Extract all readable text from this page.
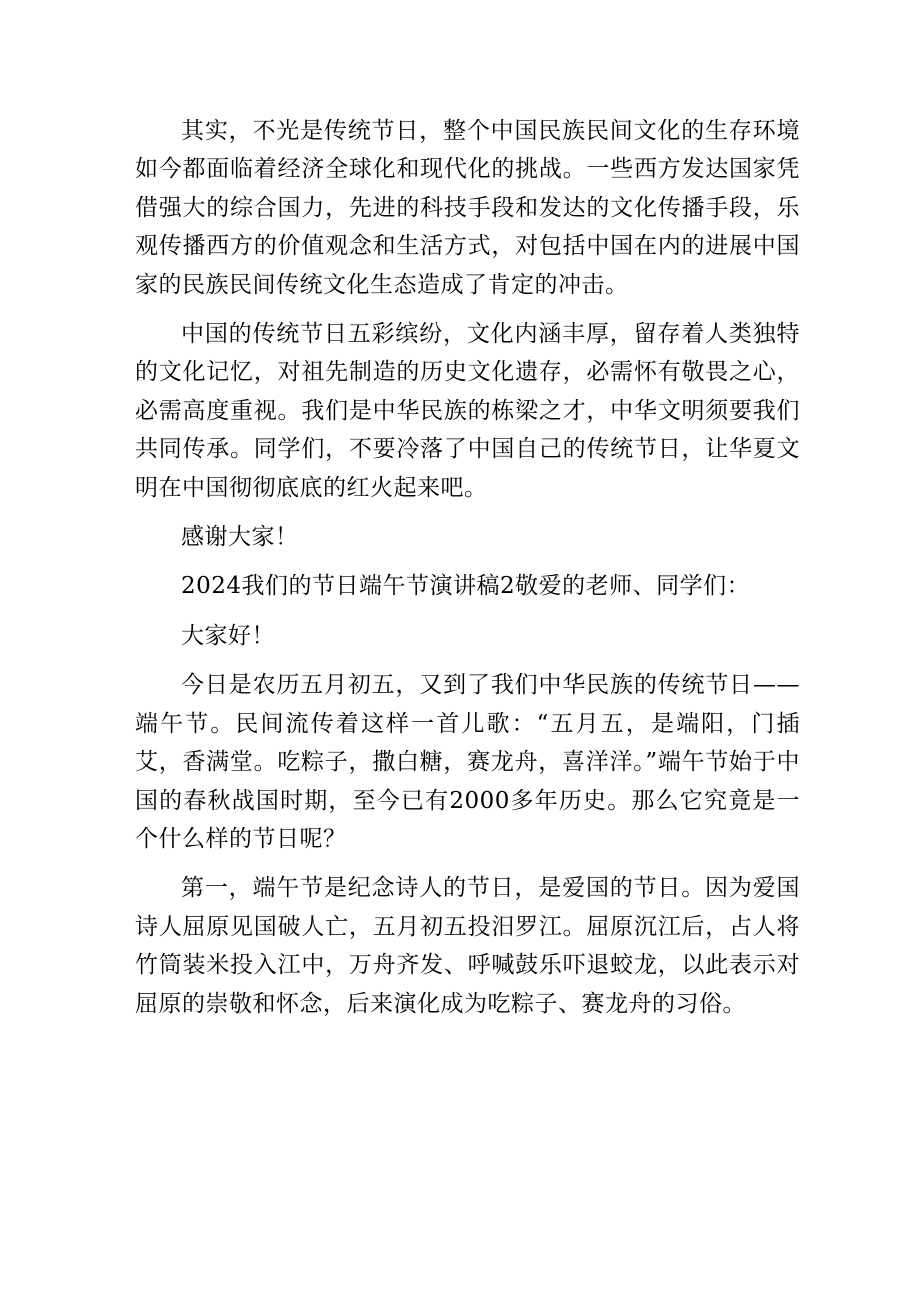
其实，不光是传统节日，整个中国民族民间文化的生存环境如今都面临着经济全球化和现代化的挑战。一些西方发达国家凭借强大的综合国力，先进的科技手段和发达的文化传播手段，乐观传播西方的价值观念和生活方式，对包括中国在内的进展中国家的民族民间传统文化生态造成了肯定的冲击。

中国的传统节日五彩缤纷，文化内涵丰厚，留存着人类独特的文化记忆，对祖先制造的历史文化遗存，必需怀有敬畏之心，必需高度重视。我们是中华民族的栋梁之才，中华文明须要我们共同传承。同学们，不要冷落了中国自己的传统节日，让华夏文明在中国彻彻底底的红火起来吧。

感谢大家！

2024我们的节日端午节演讲稿2敬爱的老师、同学们：

大家好！

今日是农历五月初五，又到了我们中华民族的传统节日——端午节。民间流传着这样一首儿歌：“五月五，是端阳，门插艾，香满堂。吃粽子，撒白糖，赛龙舟，喜洋洋。”端午节始于中国的春秋战国时期，至今已有2000多年历史。那么它究竟是一个什么样的节日呢？

第一，端午节是纪念诗人的节日，是爱国的节日。因为爱国诗人屈原见国破人亡，五月初五投汨罗江。屈原沉江后，占人将竹筒装米投入江中，万舟齐发、呼喊鼓乐吓退蛟龙，以此表示对屈原的崇敬和怀念，后来演化成为吃粽子、赛龙舟的习俗。
